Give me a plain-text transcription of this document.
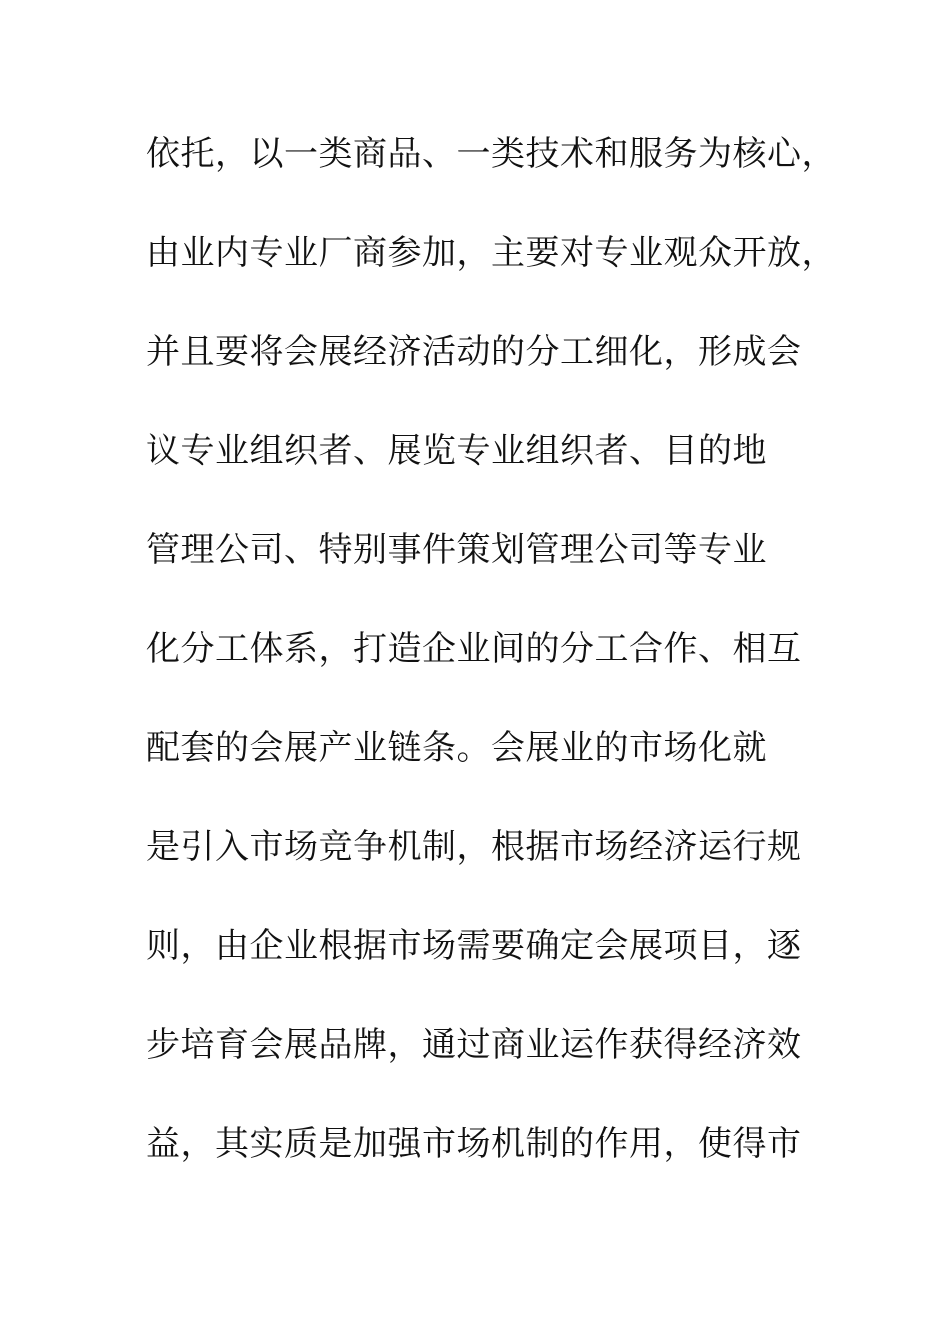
依托，以一类商品、一类技术和服务为核心，
由业内专业厂商参加，主要对专业观众开放，
并且要将会展经济活动的分工细化，形成会
议专业组织者、展览专业组织者、目的地
管理公司、特别事件策划管理公司等专业
化分工体系，打造企业间的分工合作、相互
配套的会展产业链条。会展业的市场化就
是引入市场竞争机制，根据市场经济运行规
则，由企业根据市场需要确定会展项目，逐
步培育会展品牌，通过商业运作获得经济效
益，其实质是加强市场机制的作用，使得市
